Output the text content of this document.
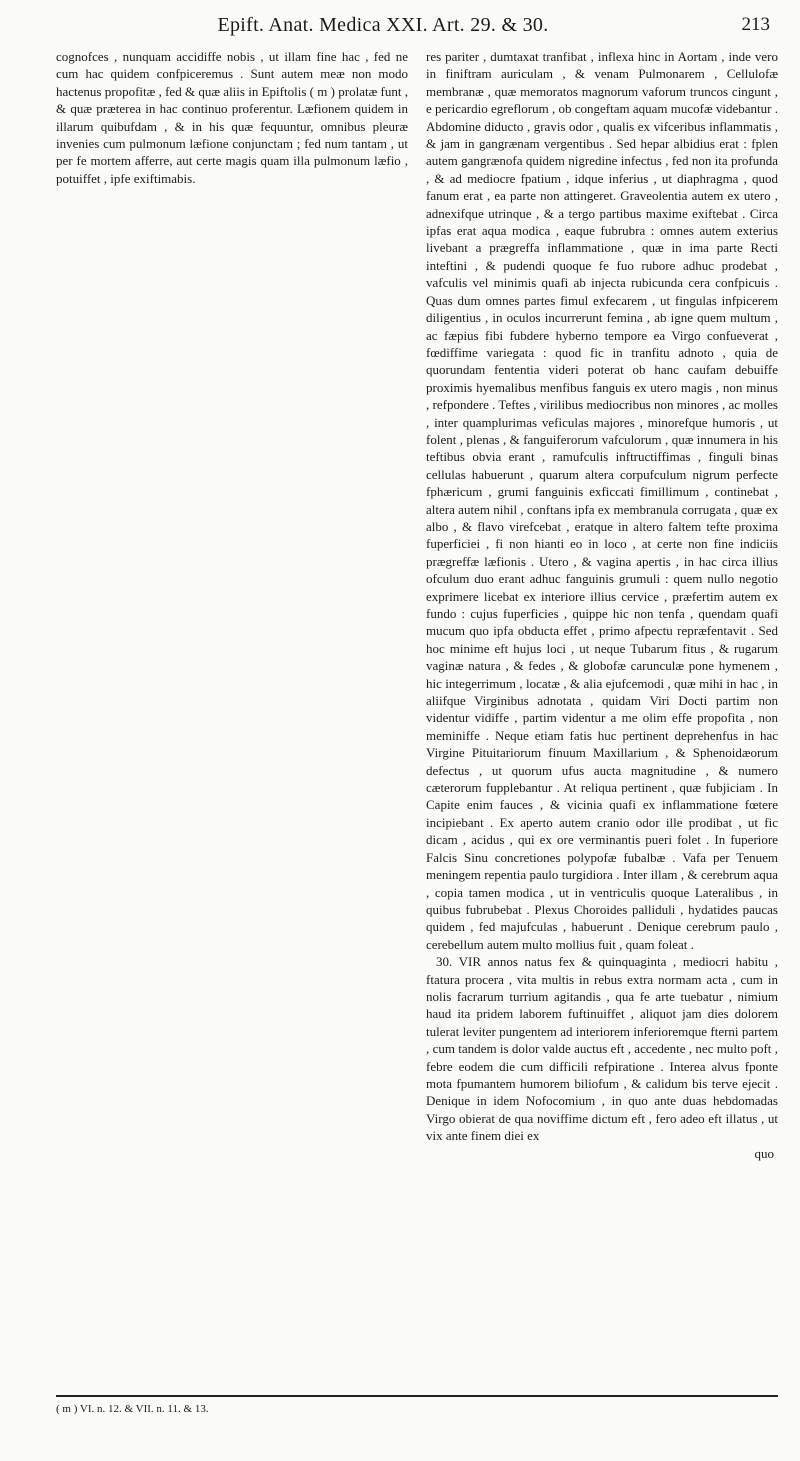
Epift. Anat. Medica XXI. Art. 29. & 30.	213

cognofces , nunquam accidiffe nobis , ut illam fine hac , fed ne cum hac quidem confpiceremus . Sunt autem meæ non modo hactenus propofitæ , fed & quæ aliis in Epiftolis ( m ) prolatæ funt , & quæ præterea in hac continuo proferentur. Læfionem quidem in illarum quibufdam , & in his quæ fequuntur, omnibus pleuræ invenies cum pulmonum læfione conjunctam ; fed num tantam , ut per fe mortem afferre, aut certe magis quam illa pulmonum læfio , potuiffet , ipfe exiftimabis.

res pariter , dumtaxat tranfibat , inflexa hinc in Aortam , inde vero in finiftram auriculam , & venam Pulmonarem , Cellulofæ membranæ , quæ memoratos magnorum vaforum truncos cingunt , e pericardio egreflorum , ob congeftam aquam mucofæ videbantur . Abdomine diducto , gravis odor , qualis ex vifceribus inflammatis , & jam in gangrænam vergentibus . Sed hepar albidius erat : fplen autem gangrænofa quidem nigredine infectus , fed non ita profunda , & ad mediocre fpatium , idque inferius , ut diaphragma , quod fanum erat , ea parte non attingeret. Graveolentia autem ex utero , adnexifque utrinque , & a tergo partibus maxime exiftebat . Circa ipfas erat aqua modica , eaque fubrubra : omnes autem exterius livebant a prægreffa inflammatione , quæ in ima parte Recti inteftini , & pudendi quoque fe fuo rubore adhuc prodebat , vafculis vel minimis quafi ab injecta rubicunda cera confpicuis . Quas dum omnes partes fimul exfecarem , ut fingulas infpicerem diligentius , in oculos incurrerunt femina , ab igne quem multum , ac fæpius fibi fubdere hyberno tempore ea Virgo confueverat , fœdiffime variegata : quod fic in tranfitu adnoto , quia de quorundam fententia videri poterat ob hanc caufam debuiffe proximis hyemalibus menfibus fanguis ex utero magis , non minus , refpondere . Teftes , virilibus mediocribus non minores , ac molles , inter quamplurimas veficulas majores , minorefque humoris , ut folent , plenas , & fanguiferorum vafculorum , quæ innumera in his teftibus obvia erant , ramufculis inftructiffimas , finguli binas cellulas habuerunt , quarum altera corpufculum nigrum perfecte fphæricum , grumi fanguinis exficcati fimillimum , continebat , altera autem nihil , conftans ipfa ex membranula corrugata , quæ ex albo , & flavo virefcebat , eratque in altero faltem tefte proxima fuperficiei , fi non hianti eo in loco , at certe non fine indiciis prægreffæ læfionis . Utero , & vagina apertis , in hac circa illius ofculum duo erant adhuc fanguinis grumuli : quem nullo negotio exprimere licebat ex interiore illius cervice , præfertim autem ex fundo : cujus fuperficies , quippe hic non tenfa , quendam quafi mucum quo ipfa obducta effet , primo afpectu repræfentavit . Sed hoc minime eft hujus loci , ut neque Tubarum fitus , & rugarum vaginæ natura , & fedes , & globofæ carunculæ pone hymenem , hic integerrimum , locatæ , & alia ejufcemodi , quæ mihi in hac , in aliifque Virginibus adnotata , quidam Viri Docti partim non videntur vidiffe , partim videntur a me olim effe propofita , non meminiffe . Neque etiam fatis huc pertinent deprehenfus in hac Virgine Pituitariorum finuum Maxillarium , & Sphenoidæorum defectus , ut quorum ufus aucta magnitudine , & numero cæterorum fupplebantur . At reliqua pertinent , quæ fubjiciam . In Capite enim fauces , & vicinia quafi ex inflammatione fœtere incipiebant . Ex aperto autem cranio odor ille prodibat , ut fic dicam , acidus , qui ex ore verminantis pueri folet . In fuperiore Falcis Sinu concretiones polypofæ fubalbæ . Vafa per Tenuem meningem repentia paulo turgidiora . Inter illam , & cerebrum aqua , copia tamen modica , ut in ventriculis quoque Lateralibus , in quibus fubrubebat . Plexus Choroides palliduli , hydatides paucas quidem , fed majufculas , habuerunt . Denique cerebrum paulo , cerebellum autem multo mollius fuit , quam foleat .

30. VIR annos natus fex & quinquaginta , mediocri habitu , ftatura procera , vita multis in rebus extra normam acta , cum in nolis facrarum turrium agitandis , qua fe arte tuebatur , nimium haud ita pridem laborem fuftinuiffet , aliquot jam dies dolorem tulerat leviter pungentem ad interiorem inferioremque fterni partem , cum tandem is dolor valde auctus eft , accedente , nec multo poft , febre eodem die cum difficili refpiratione . Interea alvus fponte mota fpumantem humorem biliofum , & calidum bis terve ejecit . Denique in idem Nofocomium , in quo ante duas hebdomadas Virgo obierat de qua noviffime dictum eft , fero adeo eft illatus , ut vix ante finem diei ex

quo
( m ) VI. n. 12. & VII. n. 11. & 13.
